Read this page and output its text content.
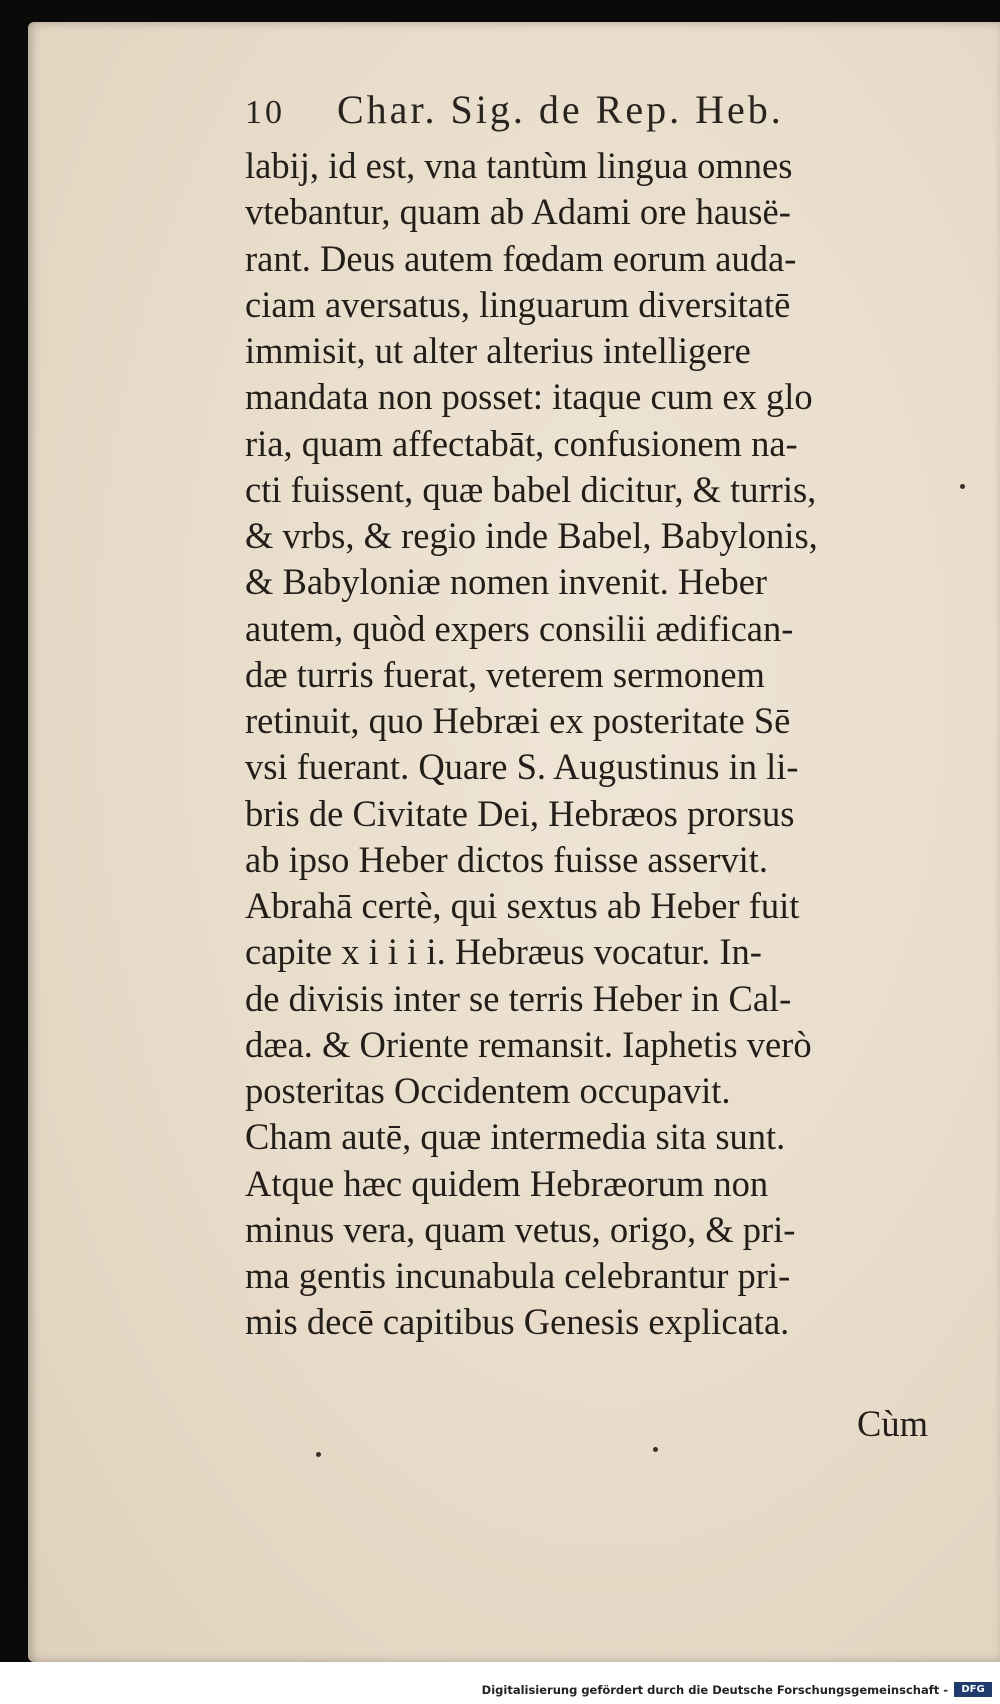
10 Char. Sig. de Rep. Heb.
labij, id est, vna tantùm lingua omnes
vtebantur, quam ab Adami ore hausë-
rant. Deus autem fœdam eorum auda-
ciam aversatus, linguarum diversitatē
immisit, ut alter alterius intelligere
mandata non posset: itaque cum ex glo
ria, quam affectabāt, confusionem na-
cti fuissent, quæ babel dicitur, & turris,
& vrbs, & regio inde Babel, Babylonis,
& Babyloniæ nomen invenit. Heber
autem, quòd expers consilii ædifican-
dæ turris fuerat, veterem sermonem
retinuit, quo Hebræi ex posteritate Sē
vsi fuerant. Quare S. Augustinus in li-
bris de Civitate Dei, Hebræos prorsus
ab ipso Heber dictos fuisse asservit.
Abrahā certè, qui sextus ab Heber fuit
capite x i i i i. Hebræus vocatur. In-
de divisis inter se terris Heber in Cal-
dæa. & Oriente remansit. Iaphetis verò
posteritas Occidentem occupavit.
Cham autē, quæ intermedia sita sunt.
Atque hæc quidem Hebræorum non
minus vera, quam vetus, origo, & pri-
ma gentis incunabula celebrantur pri-
mis decē capitibus Genesis explicata.
Cùm
Digitalisierung gefördert durch die Deutsche Forschungsgemeinschaft -	DFG
